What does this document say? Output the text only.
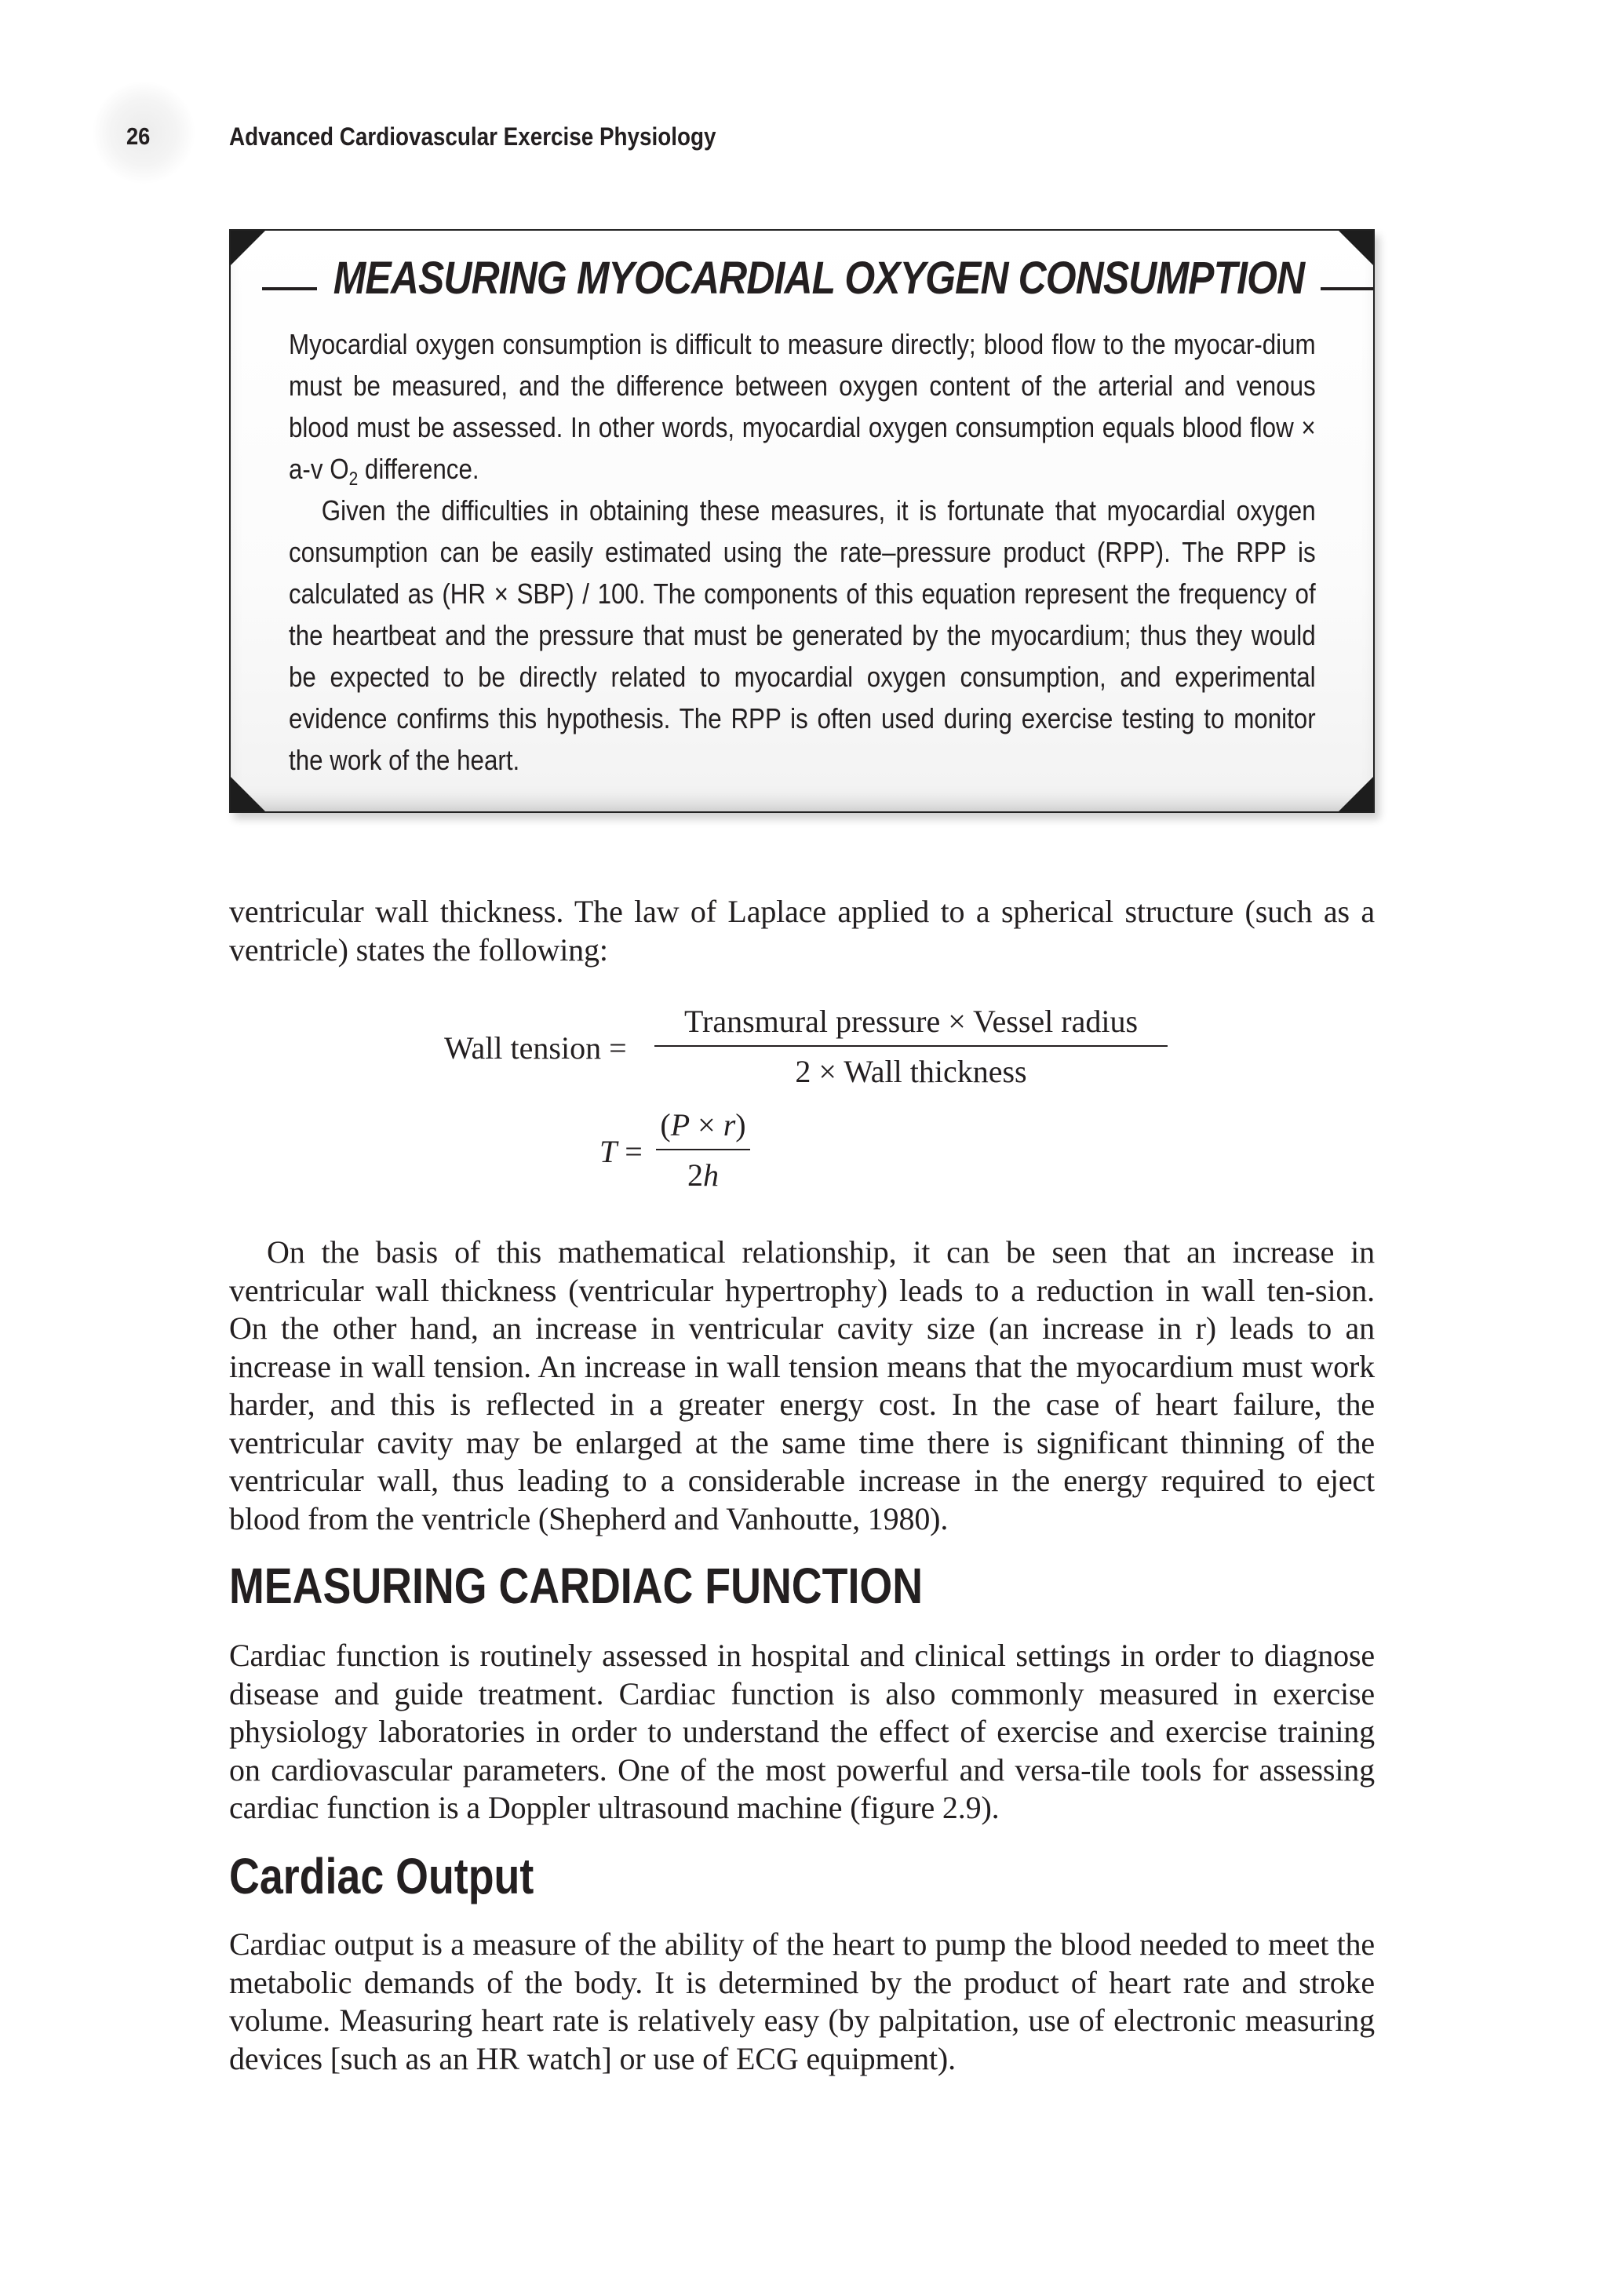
26	Advanced Cardiovascular Exercise Physiology
MEASURING MYOCARDIAL OXYGEN CONSUMPTION

Myocardial oxygen consumption is difficult to measure directly; blood flow to the myocar-dium must be measured, and the difference between oxygen content of the arterial and venous blood must be assessed. In other words, myocardial oxygen consumption equals blood flow × a-v $O_2$ difference.

Given the difficulties in obtaining these measures, it is fortunate that myocardial oxygen consumption can be easily estimated using the rate–pressure product (RPP). The RPP is calculated as (HR × SBP) / 100. The components of this equation represent the frequency of the heartbeat and the pressure that must be generated by the myocardium; thus they would be expected to be directly related to myocardial oxygen consumption, and experimental evidence confirms this hypothesis. The RPP is often used during exercise testing to monitor the work of the heart.

ventricular wall thickness. The law of Laplace applied to a spherical structure (such as a ventricle) states the following:

Wall tension =
Transmural pressure × Vessel radius
2 × Wall thickness
T =
(P × r)
2h

On the basis of this mathematical relationship, it can be seen that an increase in ventricular wall thickness (ventricular hypertrophy) leads to a reduction in wall ten-sion. On the other hand, an increase in ventricular cavity size (an increase in r) leads to an increase in wall tension. An increase in wall tension means that the myocardium must work harder, and this is reflected in a greater energy cost. In the case of heart failure, the ventricular cavity may be enlarged at the same time there is significant thinning of the ventricular wall, thus leading to a considerable increase in the energy required to eject blood from the ventricle (Shepherd and Vanhoutte, 1980).

MEASURING CARDIAC FUNCTION

Cardiac function is routinely assessed in hospital and clinical settings in order to diagnose disease and guide treatment. Cardiac function is also commonly measured in exercise physiology laboratories in order to understand the effect of exercise and exercise training on cardiovascular parameters. One of the most powerful and versa-tile tools for assessing cardiac function is a Doppler ultrasound machine (figure 2.9).

Cardiac Output

Cardiac output is a measure of the ability of the heart to pump the blood needed to meet the metabolic demands of the body. It is determined by the product of heart rate and stroke volume. Measuring heart rate is relatively easy (by palpitation, use of electronic measuring devices [such as an HR watch] or use of ECG equipment).
